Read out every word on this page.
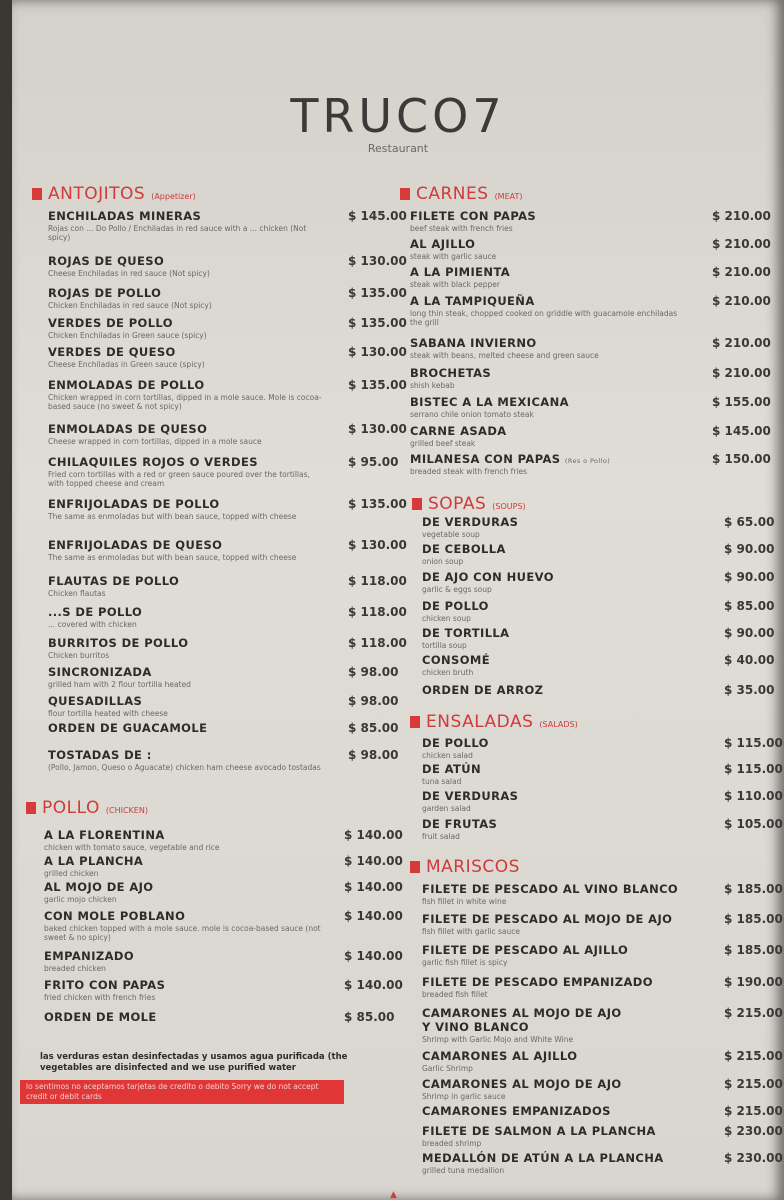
TRUCO7
Restaurant
ANTOJITOS (Appetizer)
ENCHILADAS MINERAS
Rojas con ... Do Pollo / Enchiladas in red sauce with a ... chicken (Not spicy)
$ 145.00
ROJAS DE QUESO
Cheese Enchiladas in red sauce (Not spicy)
$ 130.00
ROJAS DE POLLO
Chicken Enchiladas in red sauce (Not spicy)
$ 135.00
VERDES DE POLLO
Chicken Enchiladas in Green sauce (spicy)
$ 135.00
VERDES DE QUESO
Cheese Enchiladas in Green sauce (spicy)
$ 130.00
ENMOLADAS DE POLLO
Chicken wrapped in corn tortillas, dipped in a mole sauce. Mole is cocoa-based sauce (no sweet & not spicy)
$ 135.00
ENMOLADAS DE QUESO
Cheese wrapped in corn tortillas, dipped in a mole sauce
$ 130.00
CHILAQUILES ROJOS O VERDES
Fried corn tortillas with a red or green sauce poured over the tortillas, with topped cheese and cream
$ 95.00
ENFRIJOLADAS DE POLLO
The same as enmoladas but with bean sauce, topped with cheese
$ 135.00
ENFRIJOLADAS DE QUESO
The same as enmoladas but with bean sauce, topped with cheese
$ 130.00
FLAUTAS DE POLLO
Chicken flautas
$ 118.00
...S DE POLLO
... covered with chicken
$ 118.00
BURRITOS DE POLLO
Chicken burritos
$ 118.00
SINCRONIZADA
grilled ham with 2 flour tortilla heated
$ 98.00
QUESADILLAS
flour tortilla heated with cheese
$ 98.00
ORDEN DE GUACAMOLE	$ 85.00
TOSTADAS DE :
(Pollo, Jamon, Queso o Aguacate) chicken ham cheese avocado tostadas
$ 98.00
POLLO (CHICKEN)
A LA FLORENTINA
chicken with tomato sauce, vegetable and rice
$ 140.00
A LA PLANCHA
grilled chicken
$ 140.00
AL MOJO DE AJO
garlic mojo chicken
$ 140.00
CON MOLE POBLANO
baked chicken topped with a mole sauce. mole is cocoa-based sauce (not sweet & no spicy)
$ 140.00
EMPANIZADO
breaded chicken
$ 140.00
FRITO CON PAPAS
fried chicken with french fries
$ 140.00
ORDEN DE MOLE	$ 85.00
las verduras estan desinfectadas y usamos agua purificada (the vegetables are disinfected and we use purified water
lo sentimos no aceptamos tarjetas de credito o debito Sorry we do not accept credit or debit cards
CARNES (MEAT)
FILETE CON PAPAS
beef steak with french fries
$ 210.00
AL AJILLO
steak with garlic sauce
$ 210.00
A LA PIMIENTA
steak with black pepper
$ 210.00
A LA TAMPIQUEÑA
long thin steak, chopped cooked on griddle with guacamole enchiladas the grill
$ 210.00
SABANA INVIERNO
steak with beans, melted cheese and green sauce
$ 210.00
BROCHETAS
shish kebab
$ 210.00
BISTEC A LA MEXICANA
serrano chile onion tomato steak
$ 155.00
CARNE ASADA
grilled beef steak
$ 145.00
MILANESA CON PAPAS (Res o Pollo)
breaded steak with french fries
$ 150.00
SOPAS (SOUPS)
DE VERDURAS
vegetable soup
$ 65.00
DE CEBOLLA
onion soup
$ 90.00
DE AJO CON HUEVO
garlic & eggs soup
$ 90.00
DE POLLO
chicken soup
$ 85.00
DE TORTILLA
tortilla soup
$ 90.00
CONSOMÉ
chicken bruth
$ 40.00
ORDEN DE ARROZ	$ 35.00
ENSALADAS (SALADS)
DE POLLO
chicken salad
$ 115.00
DE ATÚN
tuna salad
$ 115.00
DE VERDURAS
garden salad
$ 110.00
DE FRUTAS
fruit salad
$ 105.00
MARISCOS
FILETE DE PESCADO AL VINO BLANCO
fish fillet in white wine
$ 185.00
FILETE DE PESCADO AL MOJO DE AJO
fish fillet with garlic sauce
$ 185.00
FILETE DE PESCADO AL AJILLO
garlic fish fillet is spicy
$ 185.00
FILETE DE PESCADO EMPANIZADO
breaded fish fillet
$ 190.00
CAMARONES AL MOJO DE AJO
Y VINO BLANCO
Shrimp with Garlic Mojo and White Wine
$ 215.00
CAMARONES AL AJILLO
Garlic Shrimp
$ 215.00
CAMARONES AL MOJO DE AJO
Shrimp in garlic sauce
$ 215.00
CAMARONES EMPANIZADOS	$ 215.00
FILETE DE SALMON A LA PLANCHA
breaded shrimp
$ 230.00
MEDALLÓN DE ATÚN A LA PLANCHA
grilled tuna medallion
$ 230.00
▲
